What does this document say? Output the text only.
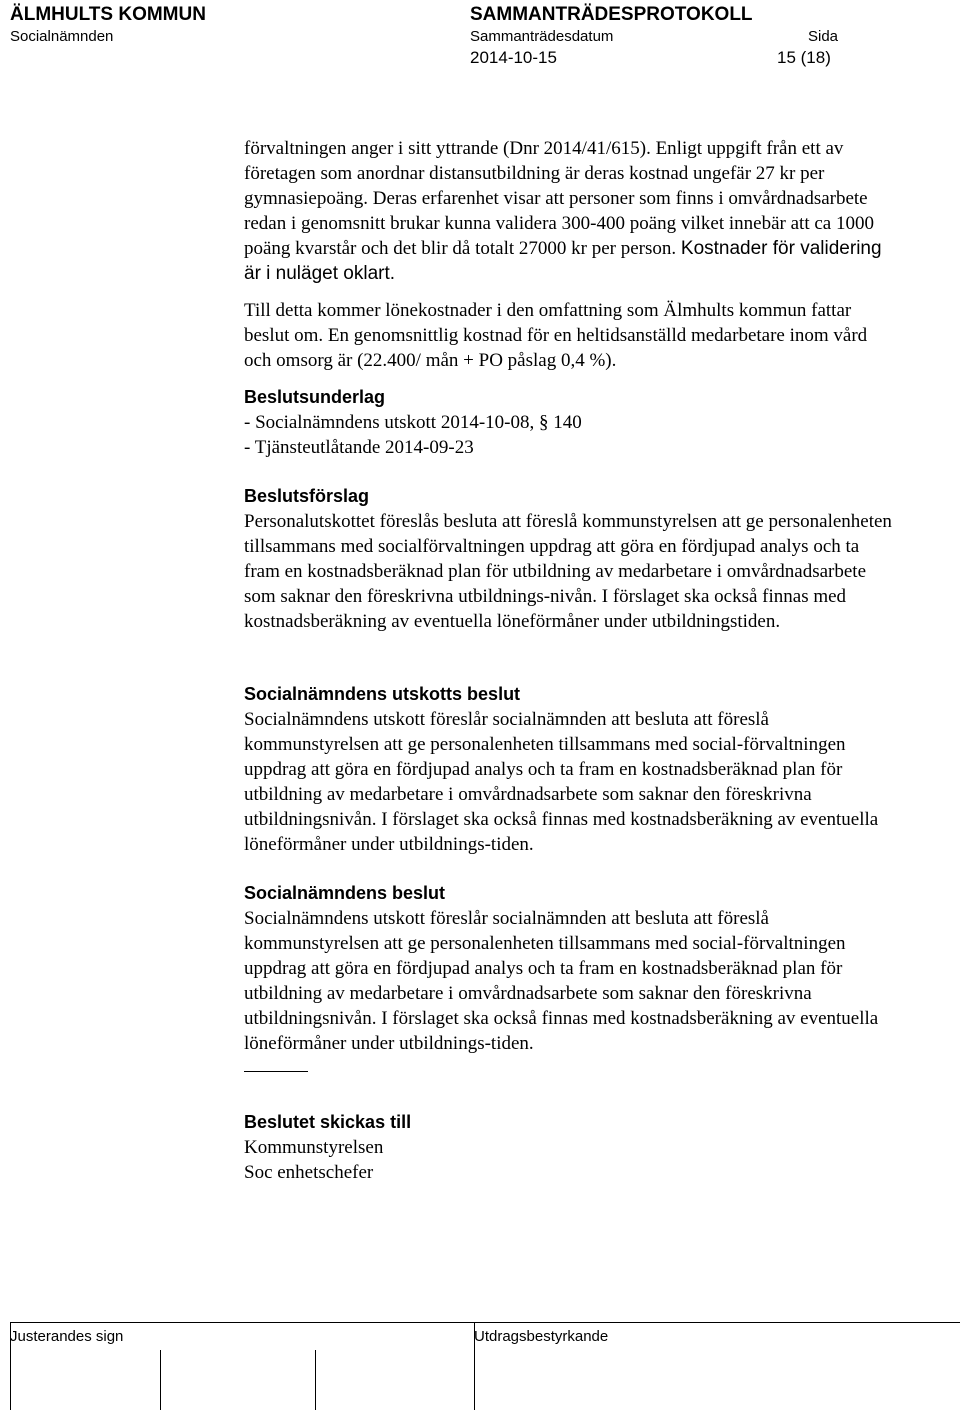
ÄLMHULTS KOMMUN
Socialnämnden
SAMMANTRÄDESPROTOKOLL
Sammanträdesdatum	Sida
2014-10-15	15 (18)

förvaltningen anger i sitt yttrande (Dnr 2014/41/615). Enligt uppgift från ett av företagen som anordnar distansutbildning är deras kostnad ungefär 27 kr per gymnasiepoäng. Deras erfarenhet visar att personer som finns i omvårdnadsarbete redan i genomsnitt brukar kunna validera 300-400 poäng vilket innebär att ca 1000 poäng kvarstår och det blir då totalt 27000 kr per person. Kostnader för validering är i nuläget oklart.

Till detta kommer lönekostnader i den omfattning som Älmhults kommun fattar beslut om. En genomsnittlig kostnad för en heltidsanställd medarbetare inom vård och omsorg är (22.400/ mån + PO påslag 0,4 %).

Beslutsunderlag

- Socialnämndens utskott 2014-10-08, § 140

- Tjänsteutlåtande 2014-09-23

Beslutsförslag

Personalutskottet föreslås besluta att föreslå kommunstyrelsen att ge personalenheten tillsammans med socialförvaltningen uppdrag att göra en fördjupad analys och ta fram en kostnadsberäknad plan för utbildning av medarbetare i omvårdnadsarbete som saknar den föreskrivna utbildnings-nivån. I förslaget ska också finnas med kostnadsberäkning av eventuella löneförmåner under utbildningstiden.

Socialnämndens utskotts beslut

Socialnämndens utskott föreslår socialnämnden att besluta att föreslå kommunstyrelsen att ge personalenheten tillsammans med social-förvaltningen uppdrag att göra en fördjupad analys och ta fram en kostnadsberäknad plan för utbildning av medarbetare i omvårdnadsarbete som saknar den föreskrivna utbildningsnivån. I förslaget ska också finnas med kostnadsberäkning av eventuella löneförmåner under utbildnings-tiden.

Socialnämndens beslut

Socialnämndens utskott föreslår socialnämnden att besluta att föreslå kommunstyrelsen att ge personalenheten tillsammans med social-förvaltningen uppdrag att göra en fördjupad analys och ta fram en kostnadsberäknad plan för utbildning av medarbetare i omvårdnadsarbete som saknar den föreskrivna utbildningsnivån. I förslaget ska också finnas med kostnadsberäkning av eventuella löneförmåner under utbildnings-tiden.

Beslutet skickas till

Kommunstyrelsen

Soc enhetschefer

Justerandes sign	Utdragsbestyrkande
